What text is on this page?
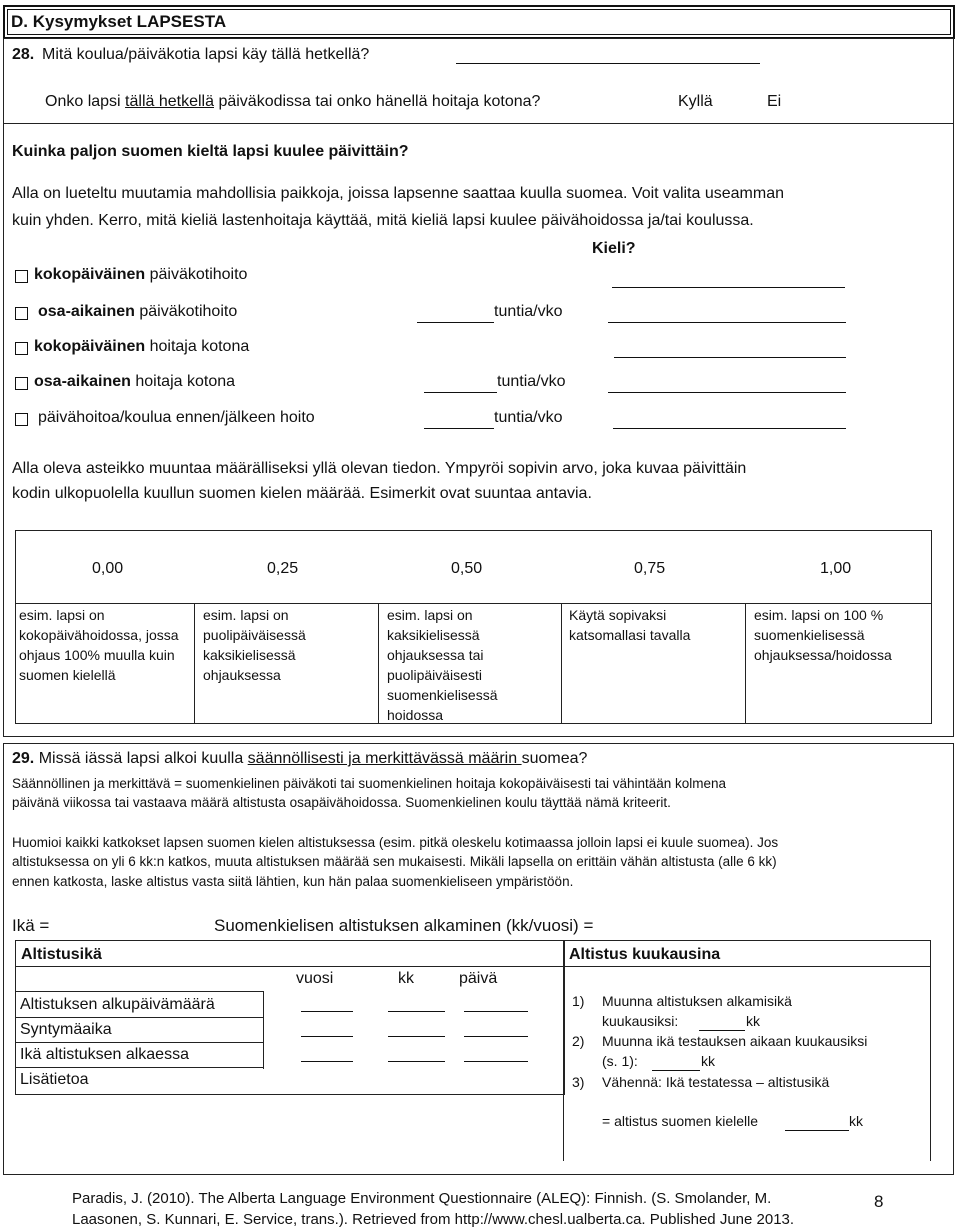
D. Kysymykset LAPSESTA
28. Mitä koulua/päiväkotia lapsi käy tällä hetkellä?
Onko lapsi tällä hetkellä päiväkodissa tai onko hänellä hoitaja kotona?	Kyllä	Ei
Kuinka paljon suomen kieltä lapsi kuulee päivittäin?
Alla on lueteltu muutamia mahdollisia paikkoja, joissa lapsenne saattaa kuulla suomea. Voit valita useamman
kuin yhden. Kerro, mitä kieliä lastenhoitaja käyttää, mitä kieliä lapsi kuulee päivähoidossa ja/tai koulussa.
Kieli?
kokopäiväinen päiväkotihoito
osa-aikainen päiväkotihoito	tuntia/vko
kokopäiväinen hoitaja kotona
osa-aikainen hoitaja kotona	tuntia/vko
päivähoitoa/koulua ennen/jälkeen hoito	tuntia/vko
Alla oleva asteikko muuntaa määrälliseksi yllä olevan tiedon. Ympyröi sopivin arvo, joka kuvaa päivittäin
kodin ulkopuolella kuullun suomen kielen määrää. Esimerkit ovat suuntaa antavia.
0,00	0,25	0,50	0,75	1,00
esim. lapsi on kokopäivähoidossa, jossa ohjaus 100% muulla kuin suomen kielellä
esim. lapsi on puolipäiväisessä kaksikielisessä ohjauksessa
esim. lapsi on kaksikielisessä ohjauksessa tai puolipäiväisesti suomenkielisessä hoidossa
Käytä sopivaksi katsomallasi tavalla
esim. lapsi on 100 % suomenkielisessä ohjauksessa/hoidossa
29. Missä iässä lapsi alkoi kuulla säännöllisesti ja merkittävässä määrin suomea?
Säännöllinen ja merkittävä = suomenkielinen päiväkoti tai suomenkielinen hoitaja kokopäiväisesti tai vähintään kolmena
päivänä viikossa tai vastaava määrä altistusta osapäivähoidossa. Suomenkielinen koulu täyttää nämä kriteerit.
Huomioi kaikki katkokset lapsen suomen kielen altistuksessa (esim. pitkä oleskelu kotimaassa jolloin lapsi ei kuule suomea). Jos
altistuksessa on yli 6 kk:n katkos, muuta altistuksen määrää sen mukaisesti. Mikäli lapsella on erittäin vähän altistusta (alle 6 kk)
ennen katkosta, laske altistus vasta siitä lähtien, kun hän palaa suomenkieliseen ympäristöön.
Ikä =	Suomenkielisen altistuksen alkaminen (kk/vuosi) =
Altistusikä
vuosi	kk	päivä
Altistuksen alkupäivämäärä
Syntymäaika
Ikä altistuksen alkaessa
Lisätietoa
Altistus kuukausina
1) Muunna altistuksen alkamisikä
kuukausiksi:	kk
2) Muunna ikä testauksen aikaan kuukausiksi
(s. 1):	kk
3) Vähennä: Ikä testatessa – altistusikä
= altistus suomen kielelle	kk
Paradis, J. (2010). The Alberta Language Environment Questionnaire (ALEQ): Finnish. (S. Smolander, M.
Laasonen, S. Kunnari, E. Service, trans.). Retrieved from http://www.chesl.ualberta.ca. Published June 2013.
8
